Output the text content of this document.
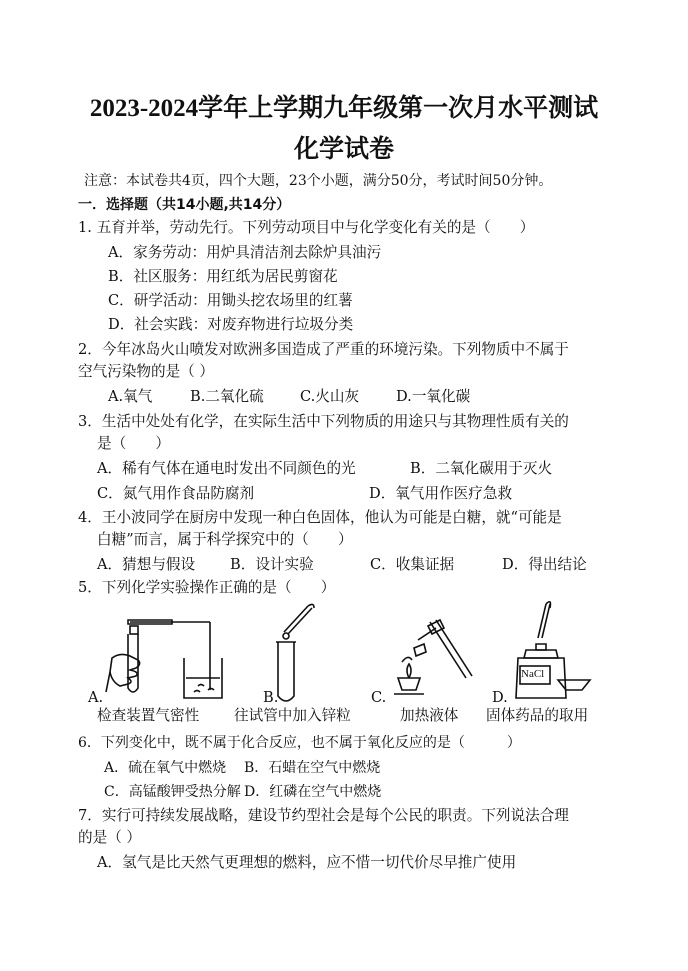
2023-2024学年上学期九年级第一次月水平测试
化学试卷
注意：本试卷共4页，四个大题，23个小题，满分50分，考试时间50分钟。
一．选择题（共14小题,共14分）
1. 五育并举，劳动先行。下列劳动项目中与化学变化有关的是（　　）
A．家务劳动：用炉具清洁剂去除炉具油污
B．社区服务：用红纸为居民剪窗花
C．研学活动：用锄头挖农场里的红薯
D．社会实践：对废弃物进行垃圾分类
2．今年冰岛火山喷发对欧洲多国造成了严重的环境污染。下列物质中不属于
空气污染物的是（ ）
A.氧气	B.二氧化硫 C.火山灰	D.一氧化碳
3．生活中处处有化学，在实际生活中下列物质的用途只与其物理性质有关的
是（　　）
A．稀有气体在通电时发出不同颜色的光	B．二氧化碳用于灭火
C．氮气用作食品防腐剂	D．氧气用作医疗急救
4．王小波同学在厨房中发现一种白色固体，他认为可能是白糖，就“可能是
白糖”而言，属于科学探究中的（　　）
A．猜想与假设 B．设计实验	C．收集证据	D．得出结论
5．下列化学实验操作正确的是（　　）
A.	B.	C.
NaCl
D.
检查装置气密性 往试管中加入锌粒	加热液体 固体药品的取用
6．下列变化中，既不属于化合反应，也不属于氧化反应的是（　　　）
A．硫在氧气中燃烧 B．石蜡在空气中燃烧
C．高锰酸钾受热分解 D．红磷在空气中燃烧
7．实行可持续发展战略，建设节约型社会是每个公民的职责。下列说法合理
的是（ ）
A．氢气是比天然气更理想的燃料，应不惜一切代价尽早推广使用
